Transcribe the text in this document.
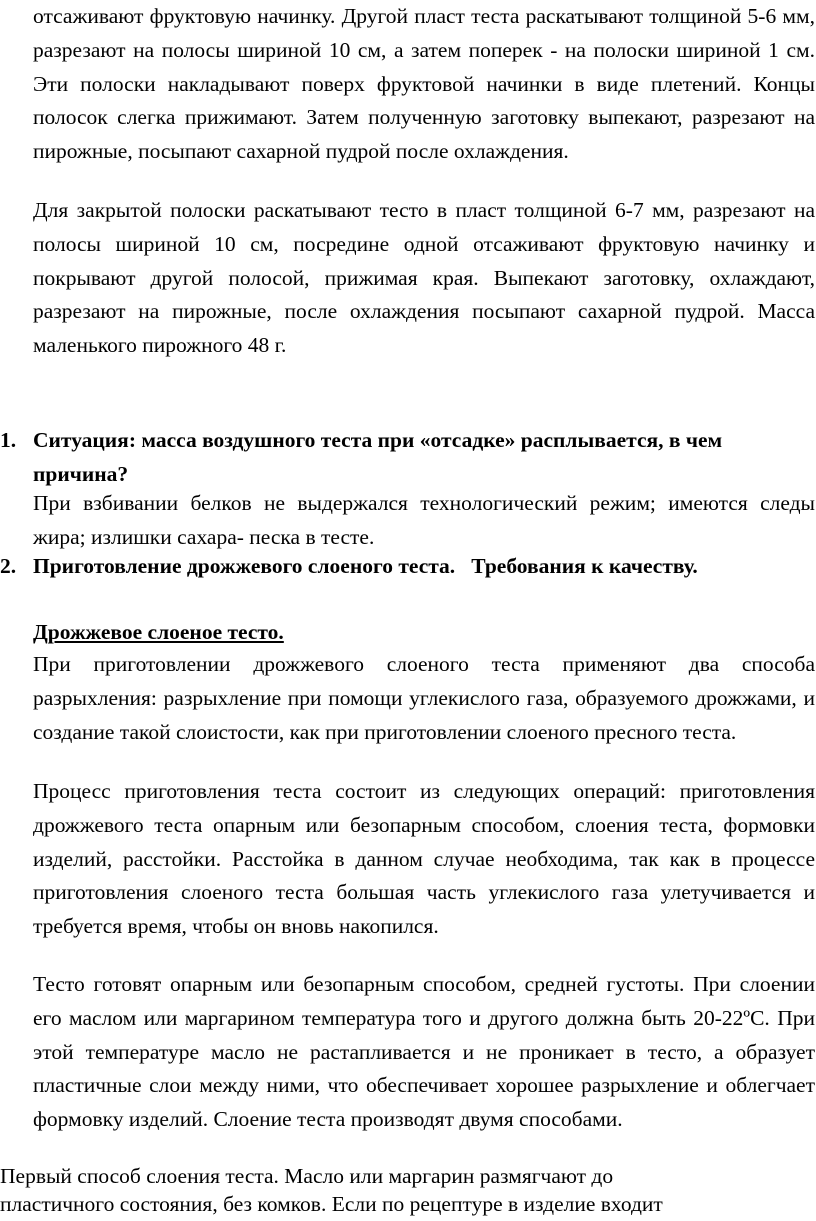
отсаживают фруктовую начинку. Другой пласт теста раскатывают толщиной 5-6 мм, разрезают на полосы шириной 10 см, а затем поперек - на полоски шириной 1 см. Эти полоски накладывают поверх фруктовой начинки в виде плетений. Концы полосок слегка прижимают. Затем полученную заготовку выпекают, разрезают на пирожные, посыпают сахарной пудрой после охлаждения.

Для закрытой полоски раскатывают тесто в пласт толщиной 6-7 мм, разрезают на полосы шириной 10 см, посредине одной отсаживают фруктовую начинку и покрывают другой полосой, прижимая края. Выпекают заготовку, охлаждают, разрезают на пирожные, после охлаждения посыпают сахарной пудрой. Масса маленького пирожного 48 г.

1. Ситуация: масса воздушного теста при «отсадке» расплывается, в чем причина?

При взбивании белков не выдержался технологический режим; имеются следы жира; излишки сахара- песка в тесте.

2. Приготовление дрожжевого слоеного теста.   Требования к качеству.

Дрожжевое слоеное тесто.

При приготовлении дрожжевого слоеного теста применяют два способа разрыхления: разрыхление при помощи углекислого газа, образуемого дрожжами, и создание такой слоистости, как при приготовлении слоеного пресного теста.

Процесс приготовления теста состоит из следующих операций: приготовления дрожжевого теста опарным или безопарным способом, слоения теста, формовки изделий, расстойки. Расстойка в данном случае необходима, так как в процессе приготовления слоеного теста большая часть углекислого газа улетучивается и требуется время, чтобы он вновь накопился.

Тесто готовят опарным или безопарным способом, средней густоты. При слоении его маслом или маргарином температура того и другого должна быть 20-22ºС. При этой температуре масло не растапливается и не проникает в тесто, а образует пластичные слои между ними, что обеспечивает хорошее разрыхление и облегчает формовку изделий. Слоение теста производят двумя способами.

Первый способ слоения теста. Масло или маргарин размягчают до
пластичного состояния, без комков. Если по рецептуре в изделие входит
